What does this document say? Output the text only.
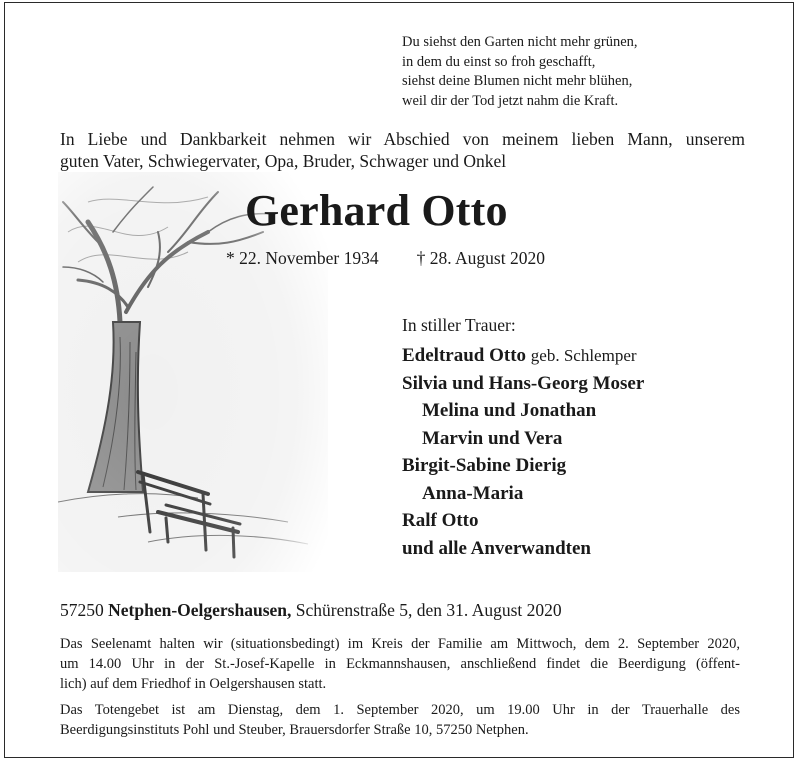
Du siehst den Garten nicht mehr grünen,
in dem du einst so froh geschafft,
siehst deine Blumen nicht mehr blühen,
weil dir der Tod jetzt nahm die Kraft.
In Liebe und Dankbarkeit nehmen wir Abschied von meinem lieben Mann, unserem
guten Vater, Schwiegervater, Opa, Bruder, Schwager und Onkel
Gerhard Otto
* 22. November 1934 † 28. August 2020
In stiller Trauer:
Edeltraud Otto geb. Schlemper
Silvia und Hans-Georg Moser
Melina und Jonathan
Marvin und Vera
Birgit-Sabine Dierig
Anna-Maria
Ralf Otto
und alle Anverwandten
57250 Netphen-Oelgershausen, Schürenstraße 5, den 31. August 2020
Das Seelenamt halten wir (situationsbedingt) im Kreis der Familie am Mittwoch, dem 2. September 2020,
um 14.00 Uhr in der St.-Josef-Kapelle in Eckmannshausen, anschließend findet die Beerdigung (öffent-
lich) auf dem Friedhof in Oelgershausen statt.
Das Totengebet ist am Dienstag, dem 1. September 2020, um 19.00 Uhr in der Trauerhalle des
Beerdigungsinstituts Pohl und Steuber, Brauersdorfer Straße 10, 57250 Netphen.
